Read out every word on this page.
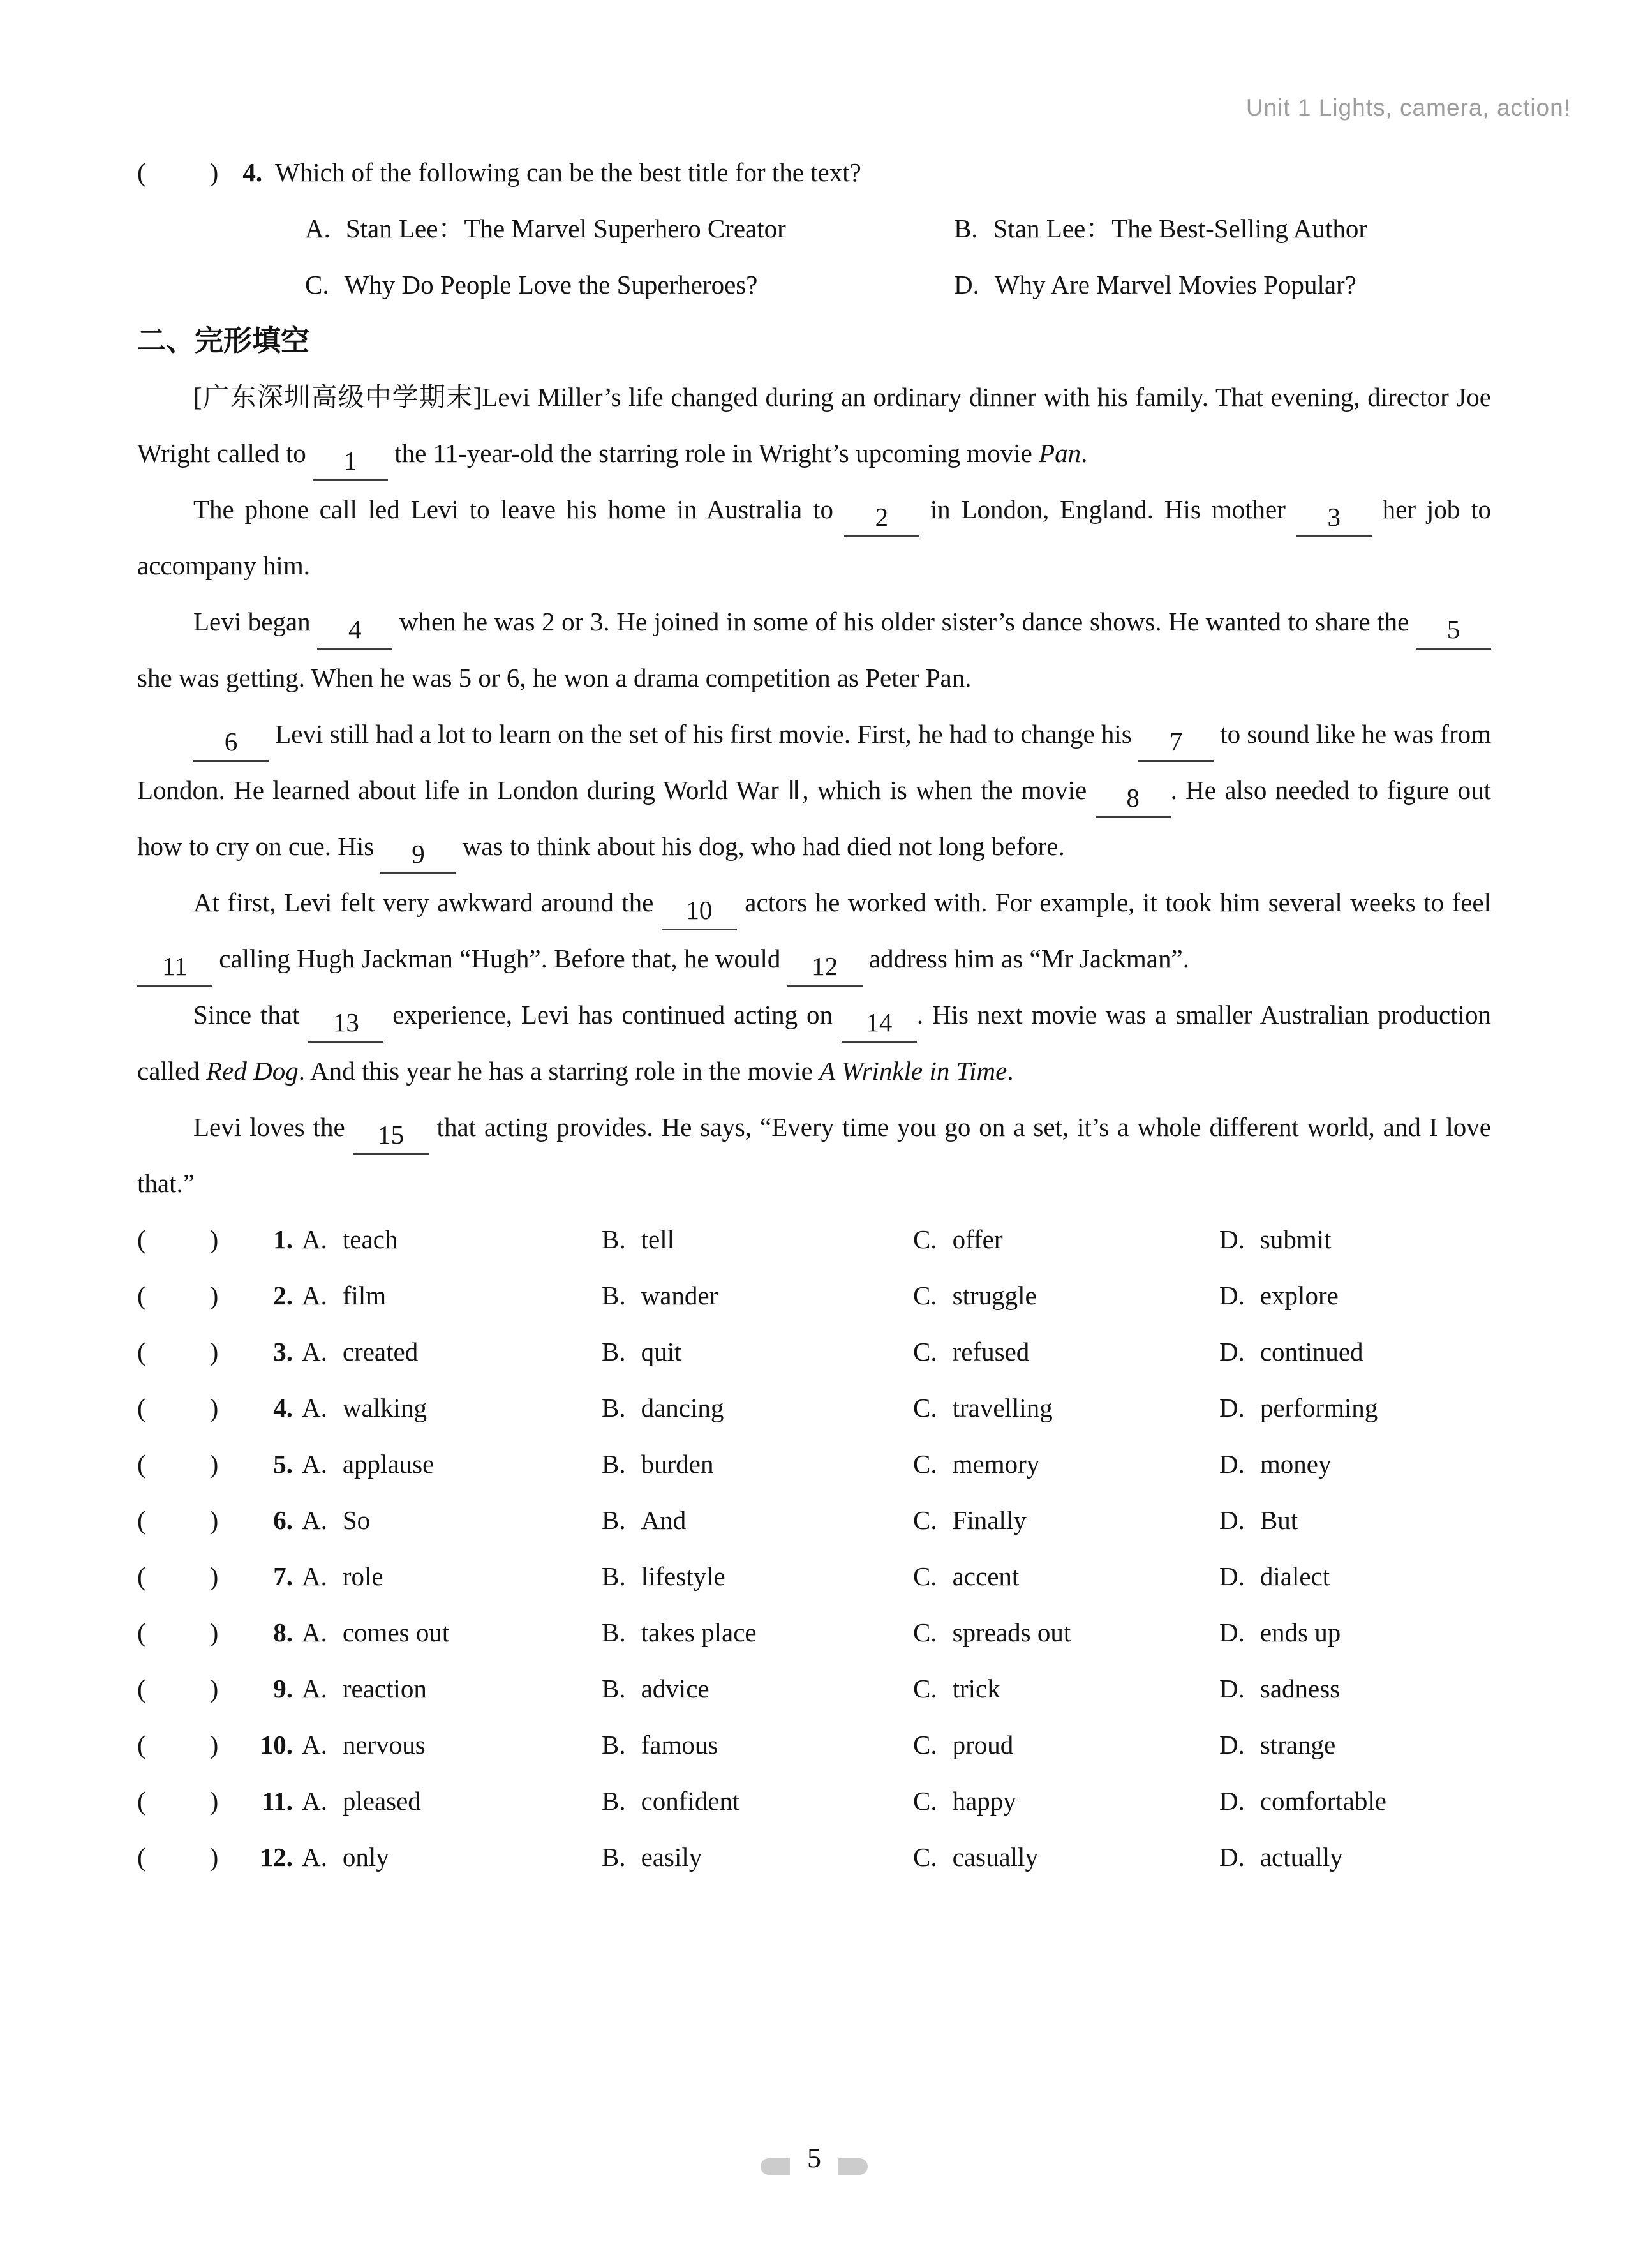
Unit 1 Lights, camera, action!
( ) 4. Which of the following can be the best title for the text?
A. Stan Lee：The Marvel Superhero Creator	B. Stan Lee：The Best-Selling Author
C. Why Do People Love the Superheroes?	D. Why Are Marvel Movies Popular?
二、完形填空

[广东深圳高级中学期末]Levi Miller’s life changed during an ordinary dinner with his family. That evening, director Joe Wright called to 1 the 11-year-old the starring role in Wright’s upcoming movie Pan.

The phone call led Levi to leave his home in Australia to 2 in London, England. His mother 3 her job to accompany him.

Levi began 4 when he was 2 or 3. He joined in some of his older sister’s dance shows. He wanted to share the 5 she was getting. When he was 5 or 6, he won a drama competition as Peter Pan.

6 Levi still had a lot to learn on the set of his first movie. First, he had to change his 7 to sound like he was from London. He learned about life in London during World War Ⅱ, which is when the movie 8 . He also needed to figure out how to cry on cue. His 9 was to think about his dog, who had died not long before.

At first, Levi felt very awkward around the 10 actors he worked with. For example, it took him several weeks to feel 11 calling Hugh Jackman “Hugh”. Before that, he would 12 address him as “Mr Jackman”.

Since that 13 experience, Levi has continued acting on 14 . His next movie was a smaller Australian production called Red Dog. And this year he has a starring role in the movie A Wrinkle in Time.

Levi loves the 15 that acting provides. He says, “Every time you go on a set, it’s a whole different world, and I love that.”

( )	1. A. teach	B. tell	C. offer	D. submit
( )	2. A. film	B. wander	C. struggle	D. explore
( )	3. A. created	B. quit	C. refused	D. continued
( )	4. A. walking	B. dancing	C. travelling	D. performing
( )	5. A. applause	B. burden	C. memory	D. money
( )	6. A. So	B. And	C. Finally	D. But
( )	7. A. role	B. lifestyle	C. accent	D. dialect
( )	8. A. comes out	B. takes place	C. spreads out	D. ends up
( )	9. A. reaction	B. advice	C. trick	D. sadness
( )	10. A. nervous	B. famous	C. proud	D. strange
( )	11. A. pleased	B. confident	C. happy	D. comfortable
( )	12. A. only	B. easily	C. casually	D. actually
5
